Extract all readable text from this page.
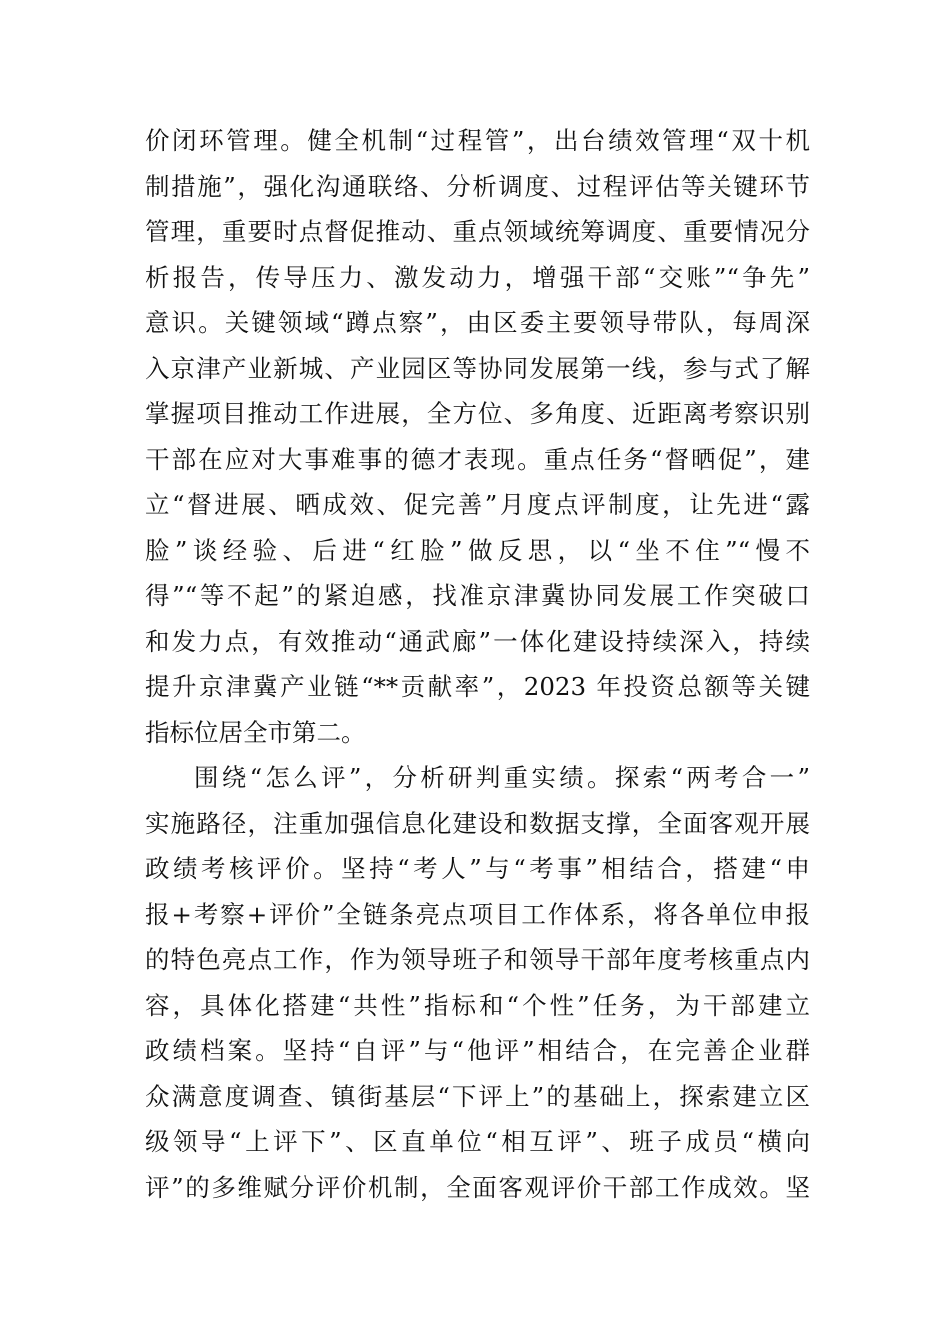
价闭环管理。健全机制“过程管”，出台绩效管理“双十机
制措施”，强化沟通联络、分析调度、过程评估等关键环节
管理，重要时点督促推动、重点领域统筹调度、重要情况分
析报告，传导压力、激发动力，增强干部“交账”“争先”
意识。关键领域“蹲点察”，由区委主要领导带队，每周深
入京津产业新城、产业园区等协同发展第一线，参与式了解
掌握项目推动工作进展，全方位、多角度、近距离考察识别
干部在应对大事难事的德才表现。重点任务“督晒促”，建
立“督进展、晒成效、促完善”月度点评制度，让先进“露
脸”谈经验、后进“红脸”做反思，以“坐不住”“慢不
得”“等不起”的紧迫感，找准京津冀协同发展工作突破口
和发力点，有效推动“通武廊”一体化建设持续深入，持续
提升京津冀产业链“**贡献率”，2023 年投资总额等关键
指标位居全市第二。
围绕“怎么评”，分析研判重实绩。探索“两考合一”
实施路径，注重加强信息化建设和数据支撑，全面客观开展
政绩考核评价。坚持“考人”与“考事”相结合，搭建“申
报+考察+评价”全链条亮点项目工作体系，将各单位申报
的特色亮点工作，作为领导班子和领导干部年度考核重点内
容，具体化搭建“共性”指标和“个性”任务，为干部建立
政绩档案。坚持“自评”与“他评”相结合，在完善企业群
众满意度调查、镇街基层“下评上”的基础上，探索建立区
级领导“上评下”、区直单位“相互评”、班子成员“横向
评”的多维赋分评价机制，全面客观评价干部工作成效。坚
